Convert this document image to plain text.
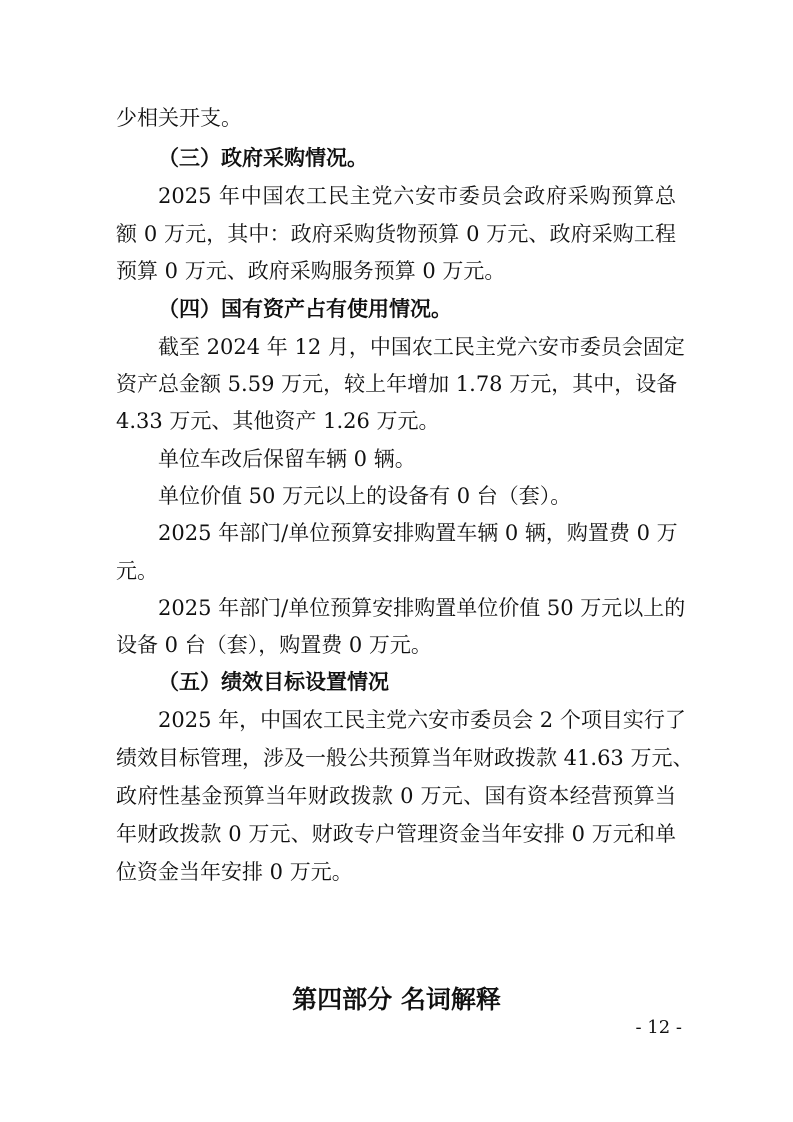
少相关开支。
（三）政府采购情况。
2025 年中国农工民主党六安市委员会政府采购预算总
额 0 万元，其中：政府采购货物预算 0 万元、政府采购工程
预算 0 万元、政府采购服务预算 0 万元。
（四）国有资产占有使用情况。
截至 2024 年 12 月，中国农工民主党六安市委员会固定
资产总金额 5.59 万元，较上年增加 1.78 万元，其中，设备
4.33 万元、其他资产 1.26 万元。
单位车改后保留车辆 0 辆。
单位价值 50 万元以上的设备有 0 台（套）。
2025 年部门/单位预算安排购置车辆 0 辆，购置费 0 万
元。
2025 年部门/单位预算安排购置单位价值 50 万元以上的
设备 0 台（套），购置费 0 万元。
（五）绩效目标设置情况
2025 年，中国农工民主党六安市委员会 2 个项目实行了
绩效目标管理，涉及一般公共预算当年财政拨款 41.63 万元、
政府性基金预算当年财政拨款 0 万元、国有资本经营预算当
年财政拨款 0 万元、财政专户管理资金当年安排 0 万元和单
位资金当年安排 0 万元。
第四部分 名词解释
- 12 -
